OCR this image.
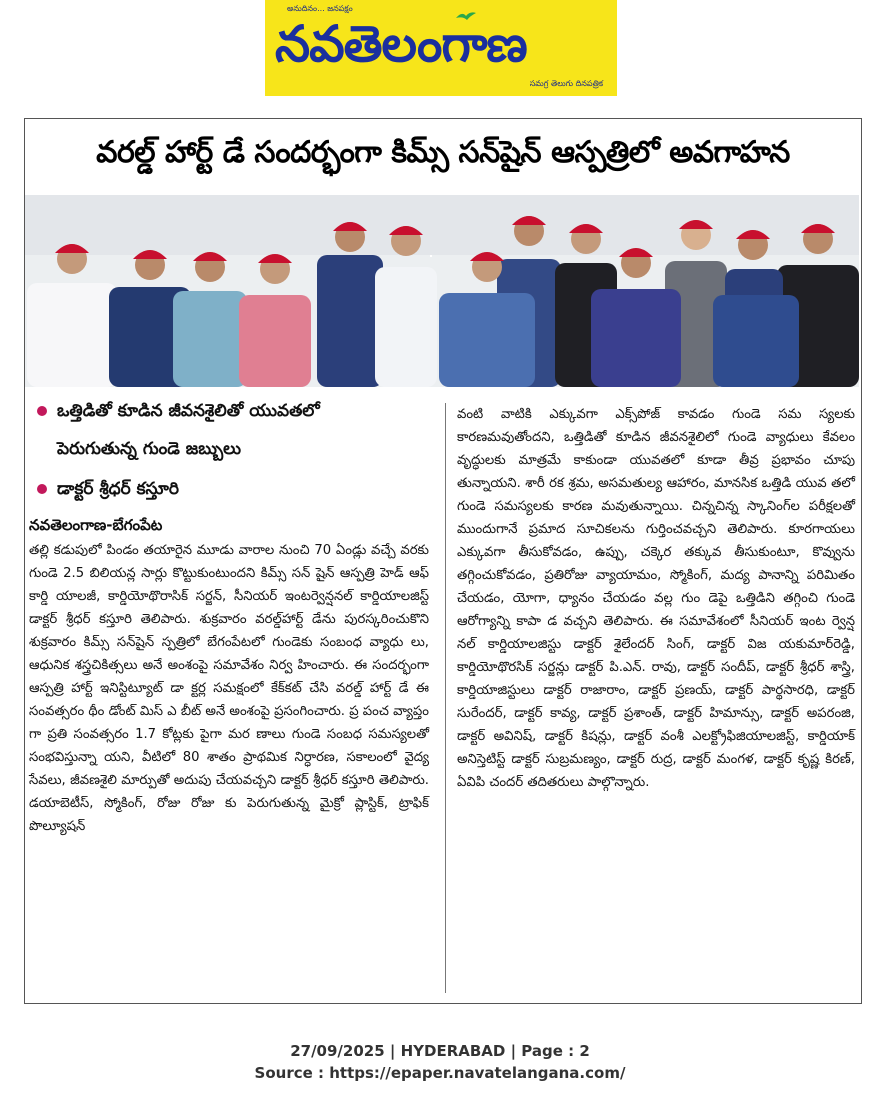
అనుదినం... జనపక్షం
నవతెలంగాణ
సమగ్ర తెలుగు దినపత్రిక
వరల్డ్ హార్ట్ డే సందర్భంగా కిమ్స్ సన్‌షైన్ ఆస్పత్రిలో అవగాహన
ఒత్తిడితో కూడిన జీవనశైలితో యువతలో
పెరుగుతున్న గుండె జబ్బులు
డాక్టర్ శ్రీధర్ కస్తూరి
నవతెలంగాణ-బేగంపేట

తల్లి కడుపులో పిండం తయారైన మూడు వారాల నుంచి 70 ఏండ్లు వచ్చే వరకు గుండె 2.5 బిలియన్ల సార్లు కొట్టుకుంటుందని కిమ్స్ సన్ షైన్ ఆస్పత్రి హెడ్ ఆఫ్ కార్డి యాలజీ, కార్డియోథొరాసిక్ సర్జన్, సీనియర్ ఇంటర్వెన్షనల్ కార్డియాలజిస్ట్ డాక్టర్ శ్రీధర్ కస్తూరి తెలిపారు. శుక్రవారం వరల్డ్‌హార్ట్ డేను పురస్కరించుకొని శుక్రవారం కిమ్స్ సన్‌షైన్ స్పత్రిలో బేగంపేటలో గుండెకు సంబంధ వ్యాధు లు, ఆధునిక శస్త్రచికిత్సలు అనే అంశంపై సమావేశం నిర్వ హించారు. ఈ సందర్భంగా ఆస్పత్రి హార్ట్ ఇనిస్టిట్యూట్ డా క్టర్ల సమక్షంలో కేక్‌కట్ చేసి వరల్డ్ హార్ట్ డే ఈ సంవత్సరం థీం డోంట్ మిస్ ఎ బీట్ అనే అంశంపై ప్రసంగించారు. ప్ర పంచ వ్యాప్తం గా ప్రతి సంవత్సరం 1.7 కోట్లకు పైగా మర ణాలు గుండె సంబధ సమస్యలతో సంభవిస్తున్నా యని, వీటిలో 80 శాతం ప్రాథమిక నిర్ధారణ, సకాలంలో వైద్య సేవలు, జీవణశైలి మార్పుతో అదుపు చేయవచ్చని డాక్టర్ శ్రీధర్ కస్తూరి తెలిపారు. డయాబెటీస్, స్మోకింగ్, రోజు రోజు కు పెరుగుతున్న మైక్రో ప్లాస్టిక్, ట్రాఫిక్ పొల్యూషన్

వంటి వాటికి ఎక్కువగా ఎక్స్‌పోజ్ కావడం గుండె సమ స్యలకు కారణమవుతోందని, ఒత్తిడితో కూడిన జీవనశైలిలో గుండె వ్యాధులు కేవలం వృద్ధులకు మాత్రమే కాకుండా యువతలో కూడా తీవ్ర ప్రభావం చూపు తున్నాయని. శారీ రక శ్రమ, అసమతుల్య ఆహారం, మానసిక ఒత్తిడి యువ తలో గుండె సమస్యలకు కారణ మవుతున్నాయి. చిన్నచిన్న స్కానింగ్‌ల పరీక్షలతో ముందుగానే ప్రమాద సూచికలను గుర్తించవచ్చని తెలిపారు. కూరగాయలు ఎక్కువగా తీసుకోవడం, ఉప్పు, చక్కెర తక్కువ తీసుకుంటూ, కొవ్వును తగ్గించుకోవడం, ప్రతిరోజు వ్యాయామం, స్మోకింగ్, మద్య పానాన్ని పరిమితం చేయడం, యోగా, ధ్యానం చేయడం వల్ల గుం డెపై ఒత్తిడిని తగ్గించి గుండె ఆరోగ్యాన్ని కాపా డ వచ్చని తెలిపారు. ఈ సమావేశంలో సీనియర్ ఇంట ర్వెన్ష నల్ కార్డియాలజిస్టు డాక్టర్ శైలేందర్ సింగ్, డాక్టర్ విజ యకుమార్‌రెడ్డి, కార్డియోథొరసిక్ సర్జన్లు డాక్టర్ పి.ఎన్. రావు, డాక్టర్ సందీప్, డాక్టర్ శ్రీధర్ శాస్త్రి, కార్డియాజిస్టులు డాక్టర్ రాజారాం, డాక్టర్ ప్రణయ్, డాక్టర్ పార్థసారధి, డాక్టర్ సురేందర్, డాక్టర్ కావ్య, డాక్టర్ ప్రశాంత్, డాక్టర్ హిమాన్సు, డాక్టర్ అపరంజి, డాక్టర్ అవినిష్, డాక్టర్ కిషన్లు, డాక్టర్ వంశీ ఎలక్ట్రోఫిజియాలజిస్ట్, కార్డియాక్ అనిస్తెటిస్ట్ డాక్టర్ సుబ్రమణ్యం, డాక్టర్ రుద్ర, డాక్టర్ మంగళ, డాక్టర్ కృష్ణ కిరణ్, ఏవిపి చందర్ తదితరులు పాల్గొన్నారు.

27/09/2025 | HYDERABAD | Page : 2
Source : https://epaper.navatelangana.com/
